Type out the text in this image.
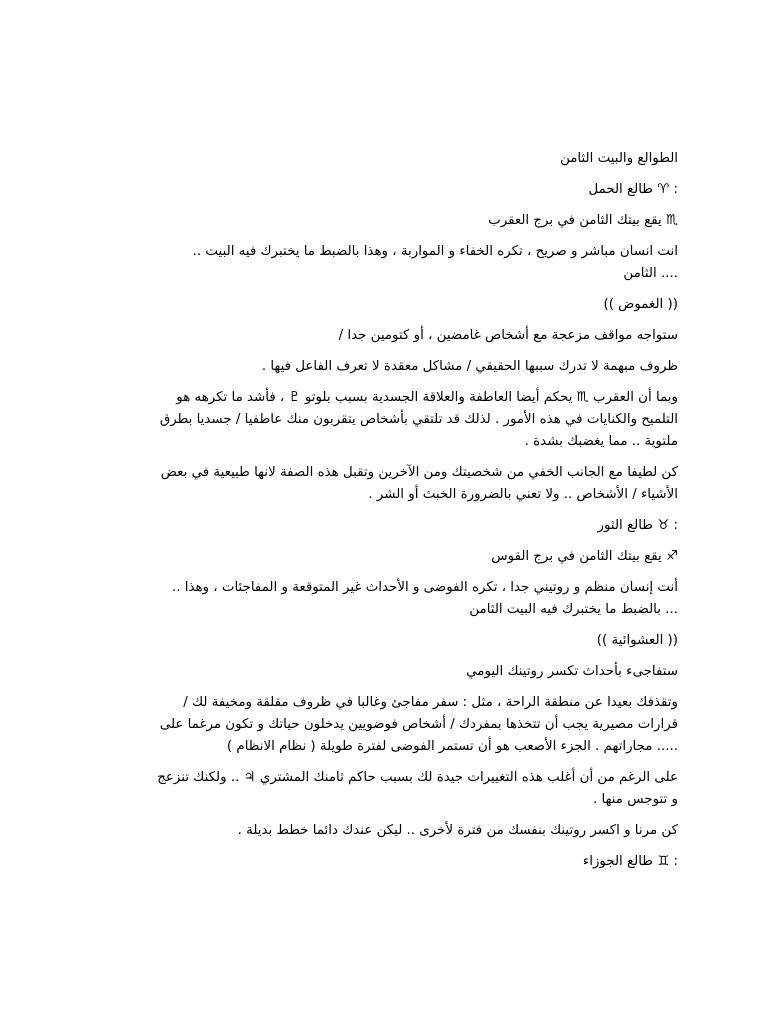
الطوالع والبيت الثامن

: ♈ طالع الحمل

♏ يقع بيتك الثامن في برج العقرب

انت انسان مباشر و صريح ، تكره الخفاء و المواربة ، وهذا بالضبط ما يختبرك فيه البيت ..
.... الثامن

(( الغموض ))

ستواجه مواقف مزعجة مع أشخاص غامضين ، أو كتومين جدا /

ظروف مبهمة لا تدرك سببها الحقيقي / مشاكل معقدة لا تعرف الفاعل فيها .

وبما أن العقرب ♏ يحكم أيضا العاطفة والعلاقة الجسدية بسبب بلوتو ♇ ، فأشد ما تكرهه هو
التلميح والكنايات في هذه الأمور . لذلك قد تلتقي بأشخاص يتقربون منك عاطفيا / جسديا بطرق
ملتوية .. مما يغضبك بشدة .

كن لطيفا مع الجانب الخفي من شخصيتك ومن الآخرين وتقبل هذه الصفة لانها طبيعية في بعض
الأشياء / الأشخاص .. ولا تعني بالضرورة الخبث أو الشر .

: ♉ طالع الثور

♐ يقع بيتك الثامن في برج القوس

أنت إنسان منظم و روتيني جدا ، تكره الفوضى و الأحداث غير المتوقعة و المفاجئات ، وهذا ..
... بالضبط ما يختبرك فيه البيت الثامن

(( العشوائية ))

ستفاجىء بأحداث تكسر روتينك اليومي

وتقذفك بعيدا عن منطقة الراحة ، مثل : سفر مفاجئ وغالبا في ظروف مقلقة ومخيفة لك /
قرارات مصيرية يجب أن تتخذها بمفردك / أشخاص فوضويين يدخلون حياتك و تكون مرغما على
..... مجاراتهم . الجزء الأصعب هو أن تستمر الفوضى لفترة طويلة ( نظام الانظام )

على الرغم من أن أغلب هذه التغييرات جيدة لك بسبب حاكم ثامنك المشتري ♃ .. ولكنك تنزعج
و تتوجس منها .

كن مرنا و اكسر روتينك بنفسك من فترة لأخرى .. ليكن عندك دائما خطط بديلة .

: ♊ طالع الجوزاء
